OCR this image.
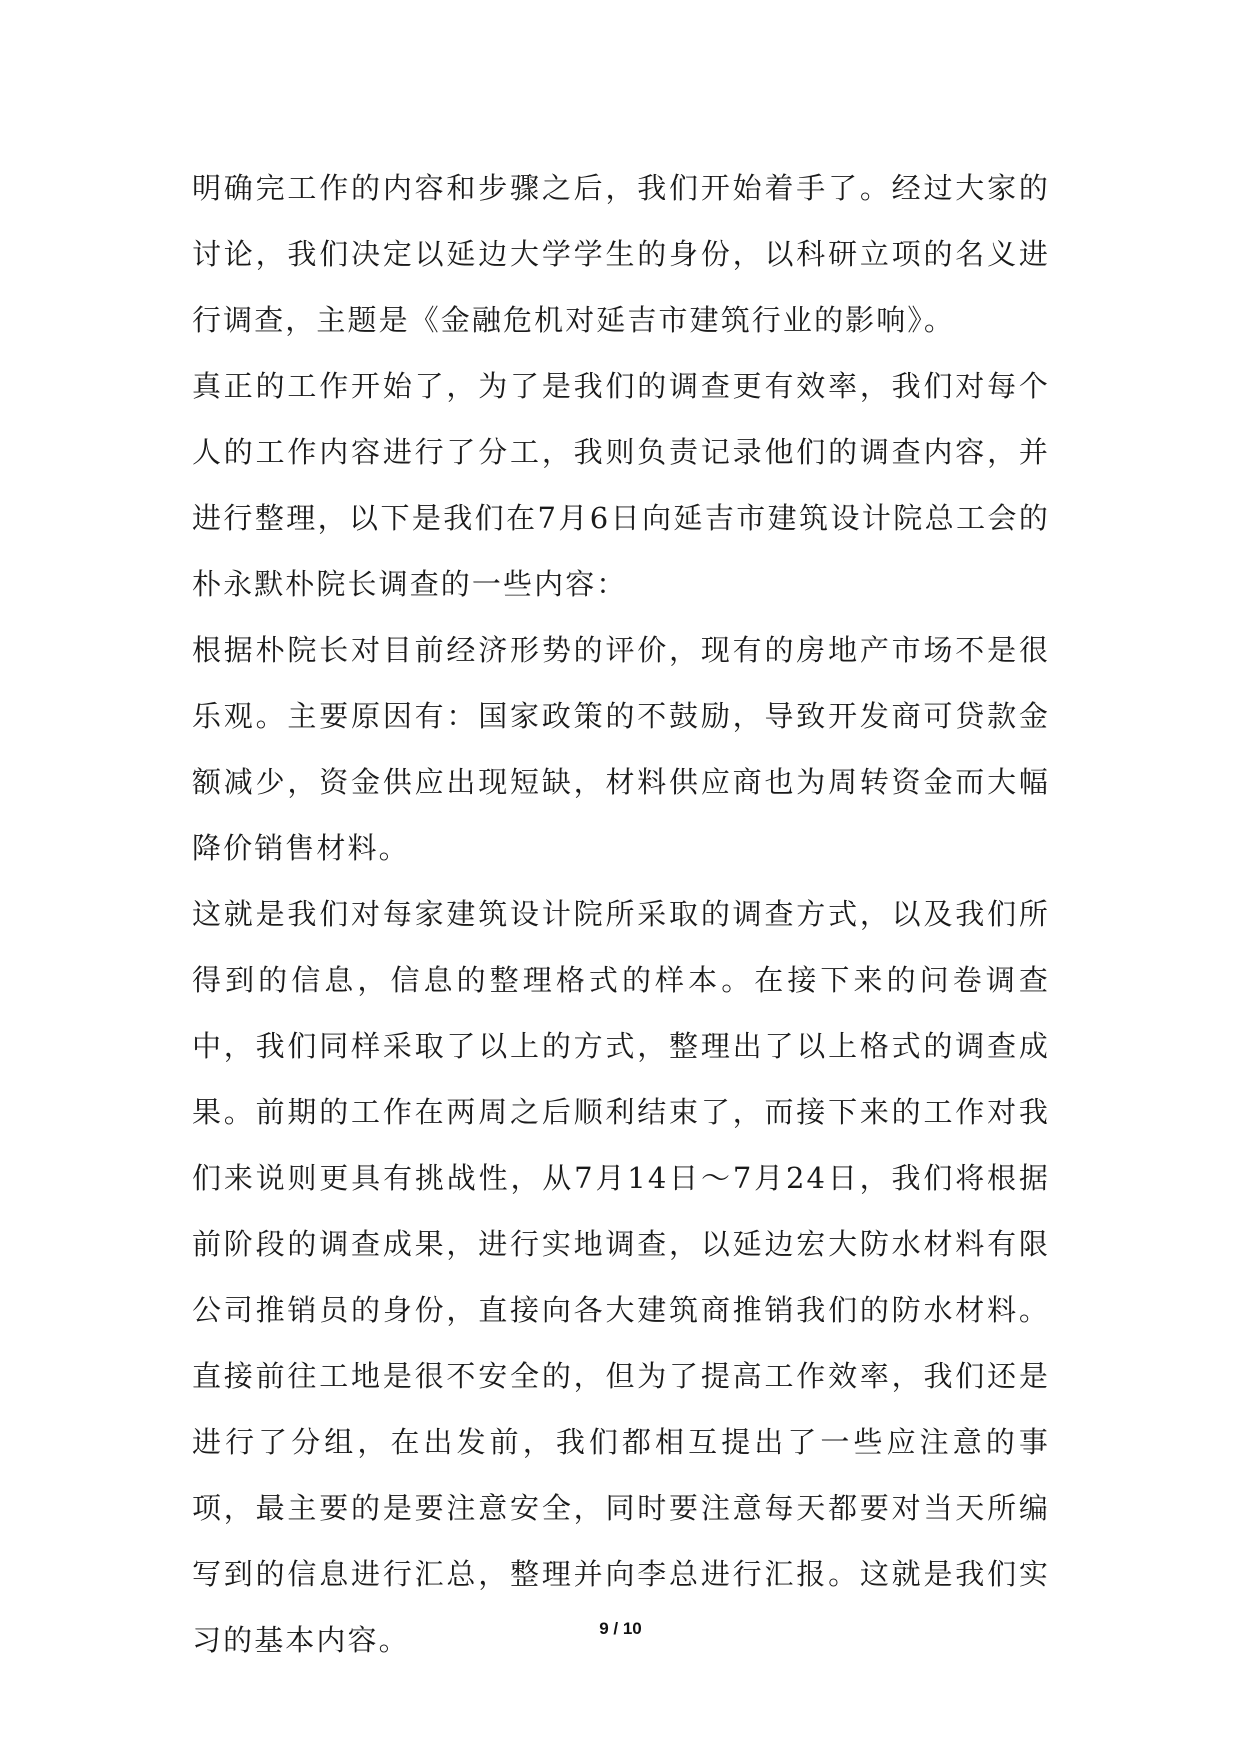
明确完工作的内容和步骤之后，我们开始着手了。经过大家的讨论，我们决定以延边大学学生的身份，以科研立项的名义进行调查，主题是《金融危机对延吉市建筑行业的影响》。

真正的工作开始了，为了是我们的调查更有效率，我们对每个人的工作内容进行了分工，我则负责记录他们的调查内容，并进行整理，以下是我们在7月6日向延吉市建筑设计院总工会的朴永默朴院长调查的一些内容：

根据朴院长对目前经济形势的评价，现有的房地产市场不是很乐观。主要原因有：国家政策的不鼓励，导致开发商可贷款金额减少，资金供应出现短缺，材料供应商也为周转资金而大幅降价销售材料。

这就是我们对每家建筑设计院所采取的调查方式，以及我们所得到的信息，信息的整理格式的样本。在接下来的问卷调查中，我们同样采取了以上的方式，整理出了以上格式的调查成果。前期的工作在两周之后顺利结束了，而接下来的工作对我们来说则更具有挑战性，从7月14日～7月24日，我们将根据前阶段的调查成果，进行实地调查，以延边宏大防水材料有限公司推销员的身份，直接向各大建筑商推销我们的防水材料。直接前往工地是很不安全的，但为了提高工作效率，我们还是进行了分组，在出发前，我们都相互提出了一些应注意的事项，最主要的是要注意安全，同时要注意每天都要对当天所编写到的信息进行汇总，整理并向李总进行汇报。这就是我们实习的基本内容。	9 / 10
